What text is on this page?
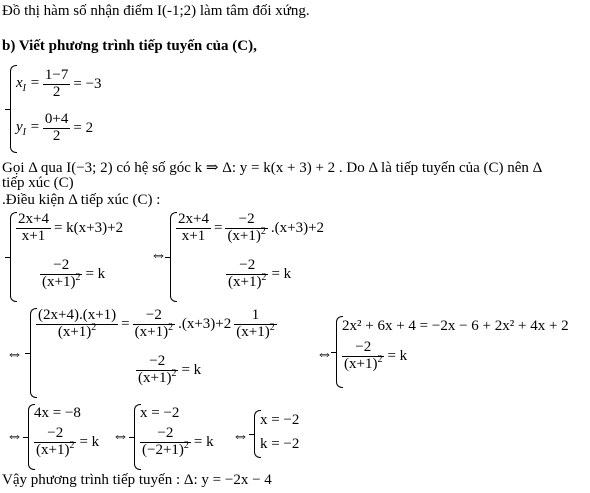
Đồ thị hàm số nhận điểm I(-1;2) làm tâm đối xứng.
b) Viết phương trình tiếp tuyến của (C),
$x_I = \frac{1-7}{2} = -3$
$y_I = \frac{0+4}{2} = 2$
Gọi Δ qua I(−3; 2) có hệ số góc k ⇒ Δ: y = k(x + 3) + 2 . Do Δ là tiếp tuyến của (C) nên Δ
tiếp xúc (C)
.Điều kiện Δ tiếp xúc (C) :
$\frac{2x+4}{x+1} = k(x+3)+2$
$\frac{-2}{(x+1)^2} = k$
⇔
$\frac{2x+4}{x+1} = \frac{-2}{(x+1)^2} .(x+3)+2$
$\frac{-2}{(x+1)^2} = k$
⇔
$\frac{(2x+4).(x+1)}{(x+1)^2} = \frac{-2}{(x+1)^2} .(x+3)+2 \frac{1}{(x+1)^2}$
$\frac{-2}{(x+1)^2} = k$
⇔
2x² + 6x + 4 = −2x − 6 + 2x² + 4x + 2
$\frac{-2}{(x+1)^2} = k$
⇔
4x = −8
$\frac{-2}{(x+1)^2} = k$ ⇔
x = −2
$\frac{-2}{(-2+1)^2} = k$ ⇔
x = −2
k = −2
Vậy phương trình tiếp tuyến : Δ: y = −2x − 4
